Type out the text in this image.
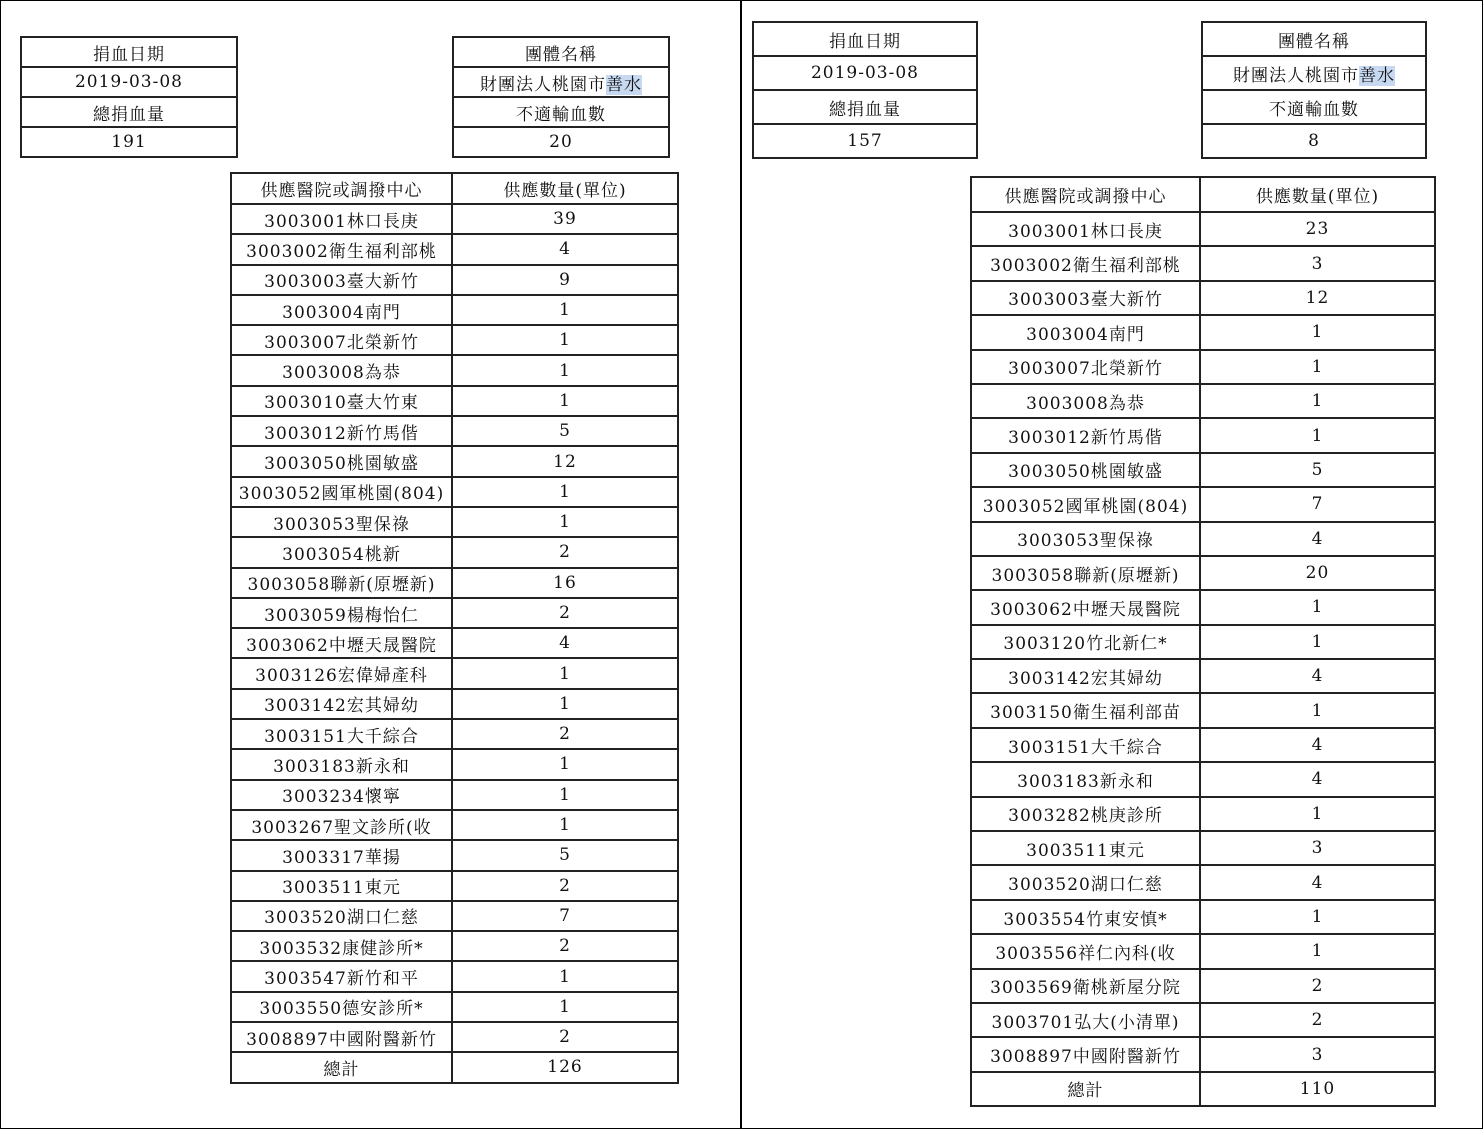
捐血日期
2019-03-08
總捐血量
191
團體名稱
財團法人桃園市善水
不適輸血數
20
供應醫院或調撥中心	供應數量(單位)
3003001林口長庚	39
3003002衛生福利部桃	4
3003003臺大新竹	9
3003004南門	1
3003007北榮新竹	1
3003008為恭	1
3003010臺大竹東	1
3003012新竹馬偕	5
3003050桃園敏盛	12
3003052國軍桃園(804)	1
3003053聖保祿	1
3003054桃新	2
3003058聯新(原壢新)	16
3003059楊梅怡仁	2
3003062中壢天晟醫院	4
3003126宏偉婦產科	1
3003142宏其婦幼	1
3003151大千綜合	2
3003183新永和	1
3003234懷寧	1
3003267聖文診所(收	1
3003317華揚	5
3003511東元	2
3003520湖口仁慈	7
3003532康健診所*	2
3003547新竹和平	1
3003550德安診所*	1
3008897中國附醫新竹	2
總計	126
捐血日期
2019-03-08
總捐血量
157
團體名稱
財團法人桃園市善水
不適輸血數
8
供應醫院或調撥中心	供應數量(單位)
3003001林口長庚	23
3003002衛生福利部桃	3
3003003臺大新竹	12
3003004南門	1
3003007北榮新竹	1
3003008為恭	1
3003012新竹馬偕	1
3003050桃園敏盛	5
3003052國軍桃園(804)	7
3003053聖保祿	4
3003058聯新(原壢新)	20
3003062中壢天晟醫院	1
3003120竹北新仁*	1
3003142宏其婦幼	4
3003150衛生福利部苗	1
3003151大千綜合	4
3003183新永和	4
3003282桃庚診所	1
3003511東元	3
3003520湖口仁慈	4
3003554竹東安慎*	1
3003556祥仁內科(收	1
3003569衛桃新屋分院	2
3003701弘大(小清單)	2
3008897中國附醫新竹	3
總計	110
